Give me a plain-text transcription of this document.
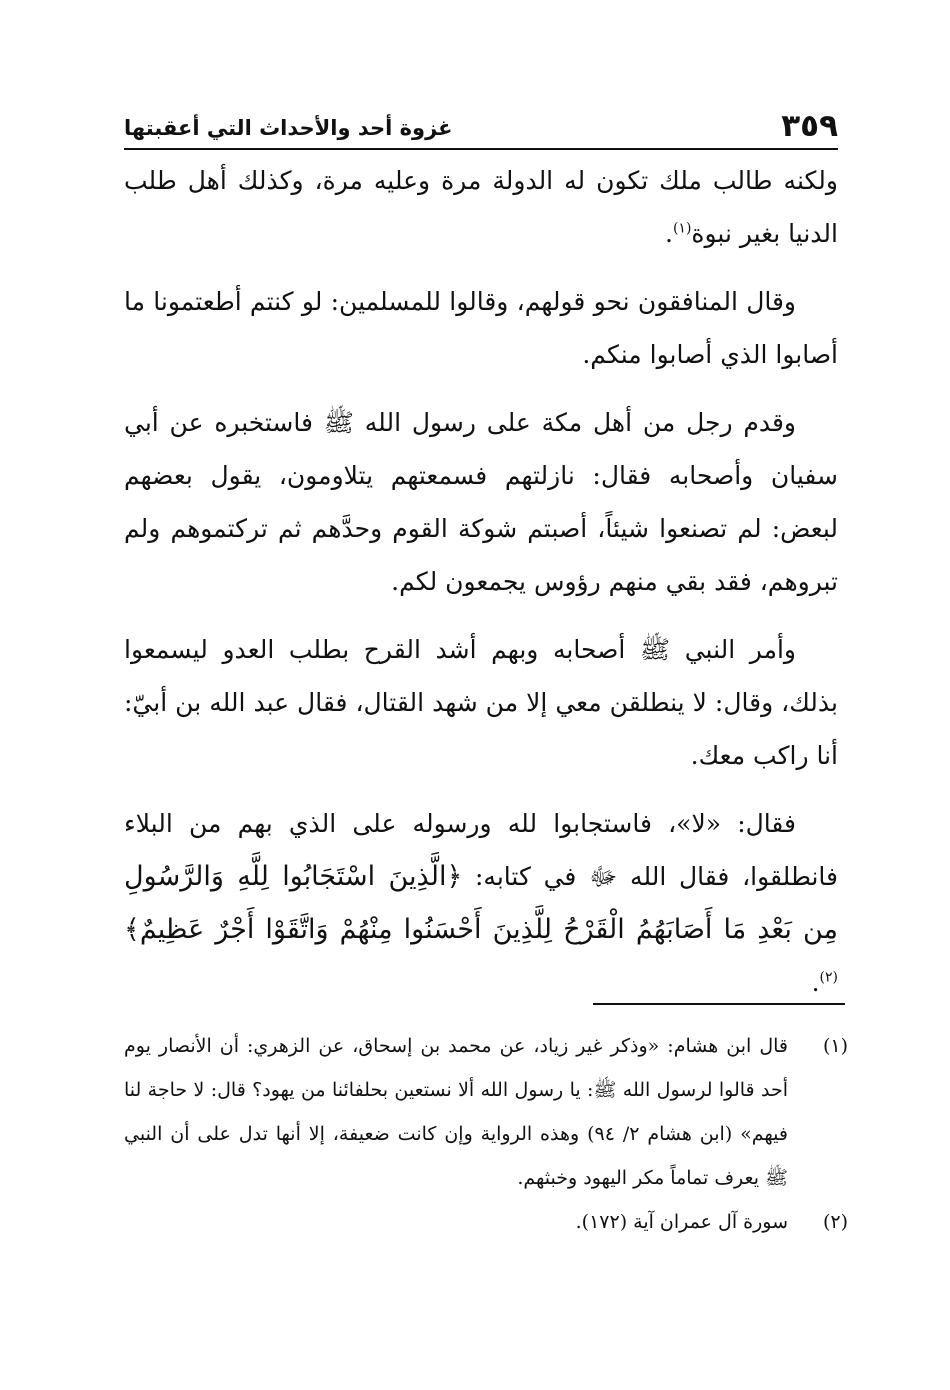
٣٥٩
غزوة أحد والأحداث التي أعقبتها

ولكنه طالب ملك تكون له الدولة مرة وعليه مرة، وكذلك أهل طلب الدنيا بغير نبوة$^{(١)}$.

وقال المنافقون نحو قولهم، وقالوا للمسلمين: لو كنتم أطعتمونا ما أصابوا الذي أصابوا منكم.

وقدم رجل من أهل مكة على رسول الله ﷺ فاستخبره عن أبي سفيان وأصحابه فقال: نازلتهم فسمعتهم يتلاومون، يقول بعضهم لبعض: لم تصنعوا شيئاً، أصبتم شوكة القوم وحدَّهم ثم تركتموهم ولم تبروهم، فقد بقي منهم رؤوس يجمعون لكم.

وأمر النبي ﷺ أصحابه وبهم أشد القرح بطلب العدو ليسمعوا بذلك، وقال: لا ينطلقن معي إلا من شهد القتال، فقال عبد الله بن أبيّ: أنا راكب معك.

فقال: «لا»، فاستجابوا لله ورسوله على الذي بهم من البلاء فانطلقوا، فقال الله ﷻ في كتابه: ﴿الَّذِينَ اسْتَجَابُوا لِلَّهِ وَالرَّسُولِ مِن بَعْدِ مَا أَصَابَهُمُ الْقَرْحُ لِلَّذِينَ أَحْسَنُوا مِنْهُمْ وَاتَّقَوْا أَجْرٌ عَظِيمٌ﴾ $^{(٢)}$.

(١)
قال ابن هشام: «وذكر غير زياد، عن محمد بن إسحاق، عن الزهري: أن الأنصار يوم أحد قالوا لرسول الله ﷺ: يا رسول الله ألا نستعين بحلفائنا من يهود؟ قال: لا حاجة لنا فيهم» (ابن هشام ٢/ ٩٤) وهذه الرواية وإن كانت ضعيفة، إلا أنها تدل على أن النبي ﷺ يعرف تماماً مكر اليهود وخبثهم.
(٢)
سورة آل عمران آية (١٧٢).
